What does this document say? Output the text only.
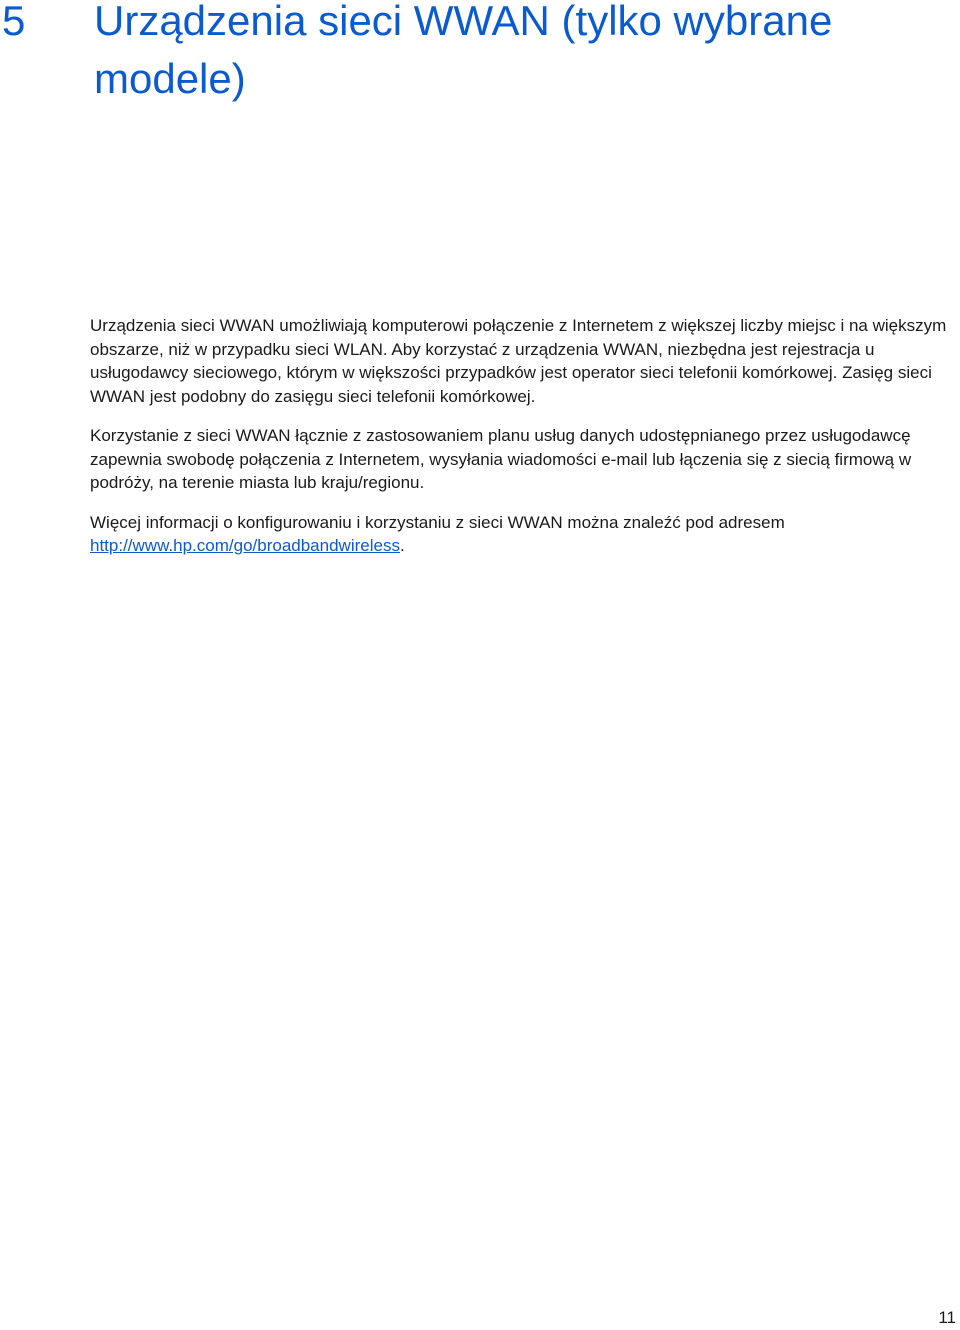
5 Urządzenia sieci WWAN (tylko wybrane modele)

Urządzenia sieci WWAN umożliwiają komputerowi połączenie z Internetem z większej liczby miejsc i na większym obszarze, niż w przypadku sieci WLAN. Aby korzystać z urządzenia WWAN, niezbędna jest rejestracja u usługodawcy sieciowego, którym w większości przypadków jest operator sieci telefonii komórkowej. Zasięg sieci WWAN jest podobny do zasięgu sieci telefonii komórkowej.

Korzystanie z sieci WWAN łącznie z zastosowaniem planu usług danych udostępnianego przez usługodawcę zapewnia swobodę połączenia z Internetem, wysyłania wiadomości e-mail lub łączenia się z siecią firmową w podróży, na terenie miasta lub kraju/regionu.

Więcej informacji o konfigurowaniu i korzystaniu z sieci WWAN można znaleźć pod adresem http://www.hp.com/go/broadbandwireless.

11
